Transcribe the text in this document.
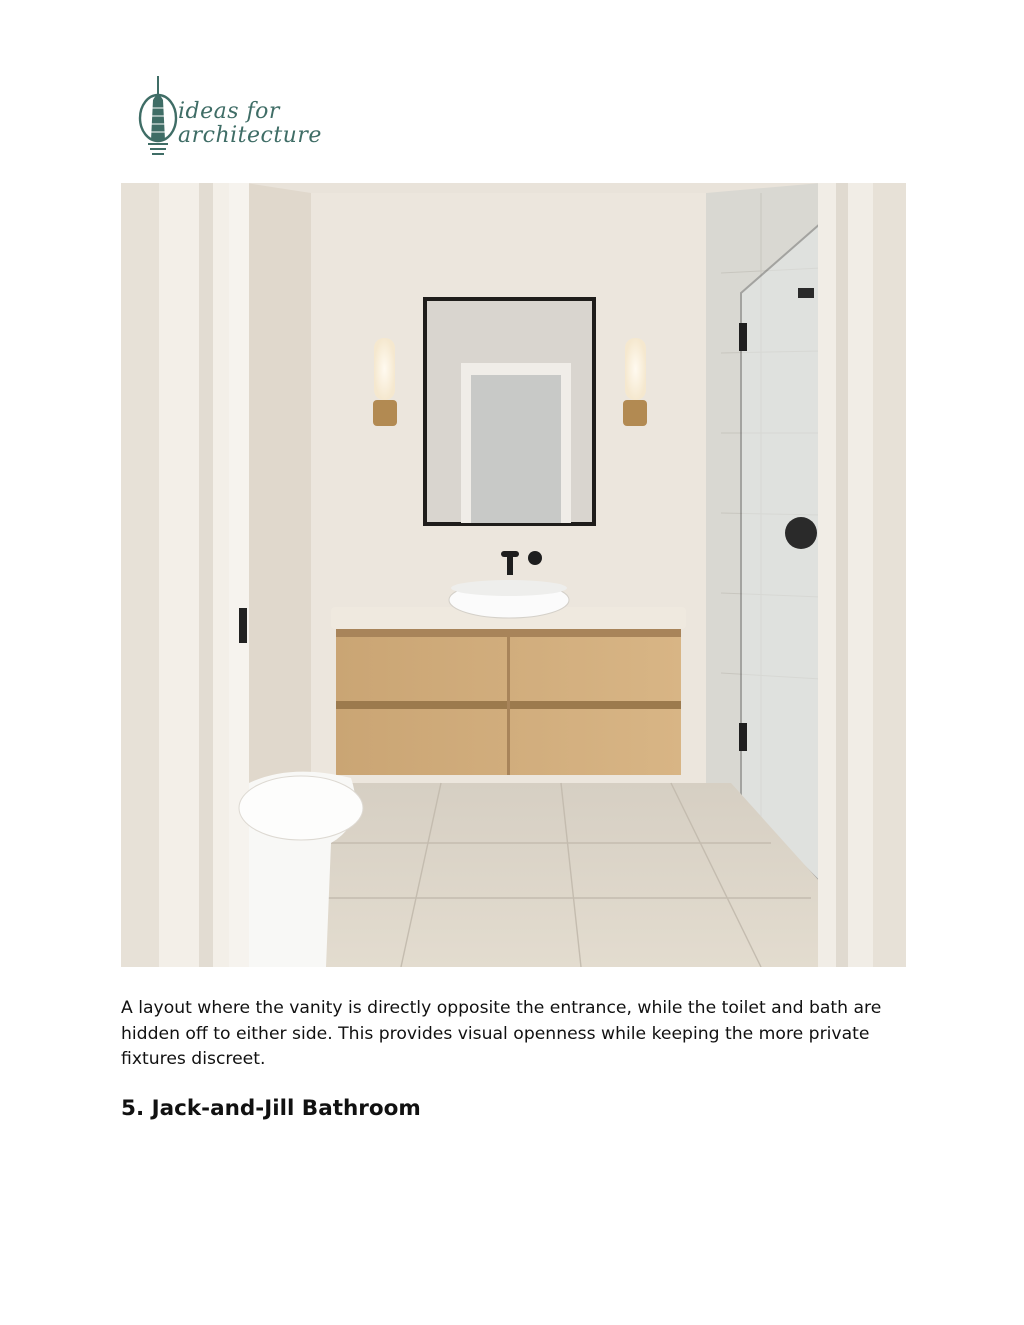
ideas for
architecture

A layout where the vanity is directly opposite the entrance, while the toilet and bath are hidden off to either side. This provides visual openness while keeping the more private fixtures discreet.

5. Jack-and-Jill Bathroom
